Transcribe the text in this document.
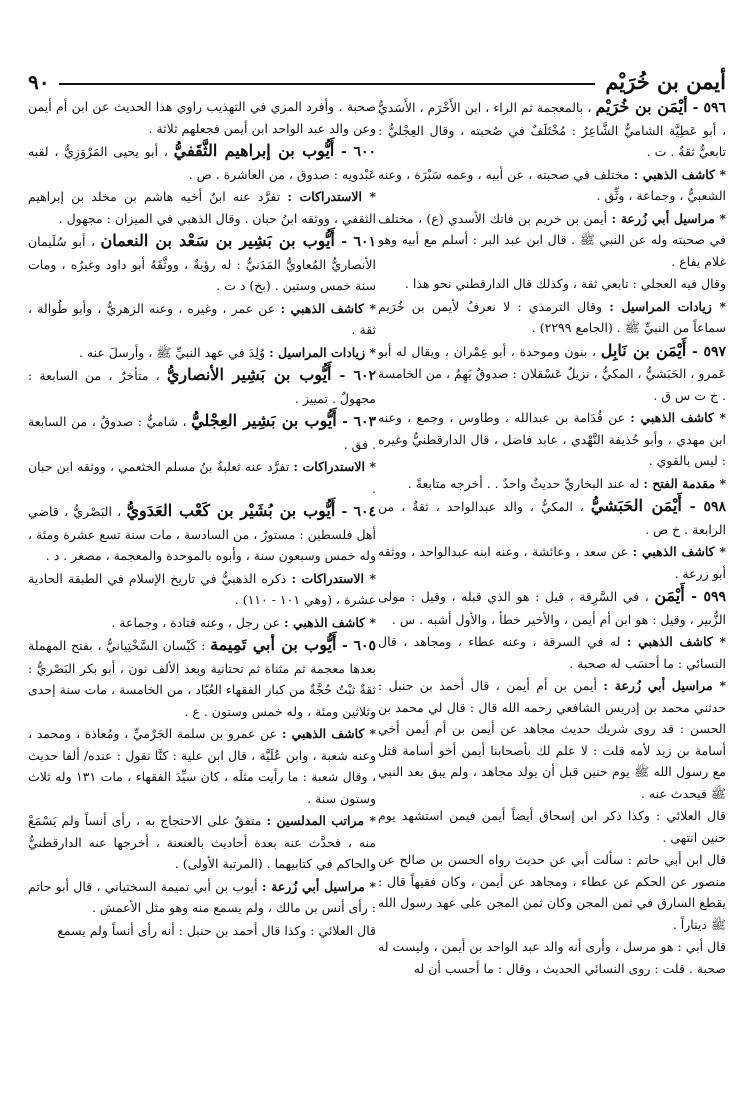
أيمن بن خُرَيْم
٩٠

٥٩٦ - أَيْمَن بن خُرَيْم ، بالمعجمة ثم الراء ، ابن الأَخْرَم ، الأَسَديُّ ، أبو عَطِيَّة الشاميُّ الشَّاعِرُ : مُخْتَلَفٌ في صُحبته ، وقال العِجْليُّ : تابعيٌّ ثقةٌ . ت .

* كاشف الذهبي : مختلف في صحبته ، عن أبيه ، وعمه سَبْرَة ، وعنه الشعبيُّ ، وجماعة ، وثِّق .

* مراسيل أبي زُرعة : أيمن بن خريم بن فاتك الأسدي (ع) ، مختلف في صحبته وله عن النبي ﷺ . قال ابن عبد البر : أسلم مع أبيه وهو غلام يفاع .

وقال فيه العجلي : تابعي ثقة ، وكذلك قال الدارقطني نحو هذا .

* زيادات المراسيل : وقال الترمذي : لا نعرفُ لأيمن بن خُرَيم سماعاً من النبيِّ ﷺ . (الجامع ٢٢٩٩) .

٥٩٧ - أَيْمَن بن نَابِل ، بنون وموحدة ، أبو عِمْران ، ويقال له أبو عَمرو ، الحَبَشيُّ ، المكيُّ ، نزيلُ عَسْقلان : صدوقٌ يَهِمُ ، من الخامسة . خ ت س ق .

* كاشف الذهبي : عن قُدَامة بن عبدالله ، وطاوس ، وجمع ، وعنه ابن مهدي ، وأبو حُذيفة النَّهْدي ، عابد فاضل ، قال الدارقطنيُّ وغيره : ليس بالقوي .

* مقدمة الفتح : له عند البخاريِّ حديثٌ واحدٌ . . أخرجه متابعةً .

٥٩٨ - أَيْمَن الحَبَشيُّ ، المكيُّ ، والد عبدالواحد ، ثقةٌ ، من الرابعة . خ ص .

* كاشف الذهبي : عن سعد ، وعائشة ، وعنه ابنه عبدالواحد ، ووثقه أبو زرعة .

٥٩٩ - أَيْمَن ، في السَّرِقة ، قيل : هو الذي قبله ، وقيل : مولى الزُّبير ، وقيل : هو ابن أم أيمن ، والأخير خطأ ، والأول أشبه . س .

* كاشف الذهبي : له في السرقة ، وعنه عطاء ، ومجاهد ، قال النسائي : ما أحسَب له صحبة .

* مراسيل أبي زُرعة : أيمن بن أم أيمن ، قال أحمد بن حنبل : حدثني محمد بن إدريس الشافعي رحمه الله قال : قال لي محمد بن الحسن : قد روى شريك حديث مجاهد عن أيمن بن أم أيمن أخي أسامة بن زيد لأمه قلت : لا علم لك بأصحابنا أيمن أخو أسامة قتل مع رسول الله ﷺ يوم حنين قبل أن يولد مجاهد ، ولم يبق بعد النبي ﷺ فيحدث عنه .

قال العلائي : وكذا ذكر ابن إسحاق أيضاً أيمن فيمن استشهد يوم حنين انتهى .

قال ابن أبي حاتم : سألت أبي عن حديث رواه الحسن بن صالح عن منصور عن الحكم عن عطاء ، ومجاهد عن أيمن ، وكان فقيهاً قال : يقطع السارق في ثمن المجن وكان ثمن المجن على عهد رسول الله ﷺ ديناراً .

قال أبي : هو مرسل ، وأرى أنه والد عبد الواحد بن أيمن ، وليست له صحبة . قلت : روى النسائي الحديث ، وقال : ما أحسب أن له

صحبة . وأفرد المزي في التهذيب راوي هذا الحديث عن ابن أم أيمن وعن والد عبد الواحد ابن أيمن فجعلهم ثلاثة .

٦٠٠ - أَيُّوب بن إبراهيم الثَّقَفيُّ ، أبو يحيى المَرْوَزِيُّ ، لقبه عَبْدويه : صدوق ، من العاشرة . ص .

* الاستدراكات : تفرَّد عنه ابنُ أخيه هاشم بن مخلد بن إبراهيم الثقفي ، ووثقه ابنُ حبان . وقال الذهبي في الميزان : مجهول .

٦٠١ - أَيُّوب بن بَشِير بن سَعْد بن النعمان ، أبو سُلَيمان الأنصاريُّ المُعاويُّ المَدَنيُّ : له رؤيةٌ ، ووثَّقَهُ أبو داود وغيرُه ، ومات سنة خمس وستين . (بخ) د ت .

* كاشف الذهبي : عن عمر ، وغيره ، وعنه الزهريُّ ، وأبو طُوالة ، ثقة .

* زيادات المراسيل : وُلِدَ في عهد النبيِّ ﷺ ، وأرسلَ عنه .

٦٠٢ - أَيُّوب بن بَشِير الأنصاريُّ ، متأخرٌ ، من السابعة : مجهولٌ . تمييز .

٦٠٣ - أَيُّوب بن بَشِير العِجْليُّ ، شاميٌّ : صدوقٌ ، من السابعة . فق .

* الاستدراكات : تفرَّد عنه ثعلبةُ بنُ مسلم الخثعمي ، ووثقه ابن حبان .

٦٠٤ - أَيُّوب بن بُشَيْر بن كَعْب العَدَويُّ ، البَصْريُّ ، قاضي أهل فلسطين : مستورٌ ، من السادسة ، مات سنة تسع عشرة ومئة ، وله خمس وسبعون سنة ، وأبوه بالموحدة والمعجمة ، مصغر . د .

* الاستدراكات : ذكره الذهبيُّ في تاريخ الإسلام في الطبقة الحادية عشرة ، (وهي ١٠١ - ١١٠) .

* كاشف الذهبي : عن رجل ، وعنه قتادة ، وجماعة .

٦٠٥ - أَيُّوب بن أبي تَمِيمة : كَيْسان السَّخْتِيانيُّ ، بفتح المهملة بعدها معجمة ثم مثناة ثم تحتانية وبعد الألف نون ، أبو بكر البَصْريُّ : ثقةٌ ثبْتٌ حُجَّةٌ من كبار الفقهاء العُبّاد ، من الخامسة ، مات سنة إحدى وثلاثين ومئة ، وله خمس وستون . ع .

* كاشف الذهبي : عن عمرو بن سلمة الجَرْميِّ ، ومُعاذة ، ومحمد ، وعنه شعبة ، وابن عُلَيَّة ، قال ابن علية : كنَّا نقول : عنده/ ألفا حديث ، وقال شعبة : ما رأيت مثلَه ، كان سيِّدَ الفقهاء ، مات ١٣١ وله ثلاث وستون سنة .

* مراتب المدلسين : متفقٌ على الاحتجاج به ، رأى أنساً ولم يَسْمَعْ منه ، فحدَّث عنه بعدة أحاديث بالعنعنة ، أخرجها عنه الدارقطنيُّ والحاكم في كتابيهما . (المرتبة الأولى) .

* مراسيل أبي زُرعة : أيوب بن أبي تميمة السختياني ، قال أبو حاتم : رأى أنس بن مالك ، ولم يسمع منه وهو مثل الأعمش .

قال العلائي : وكذا قال أحمد بن حنبل : أنه رأى أنساً ولم يسمع
